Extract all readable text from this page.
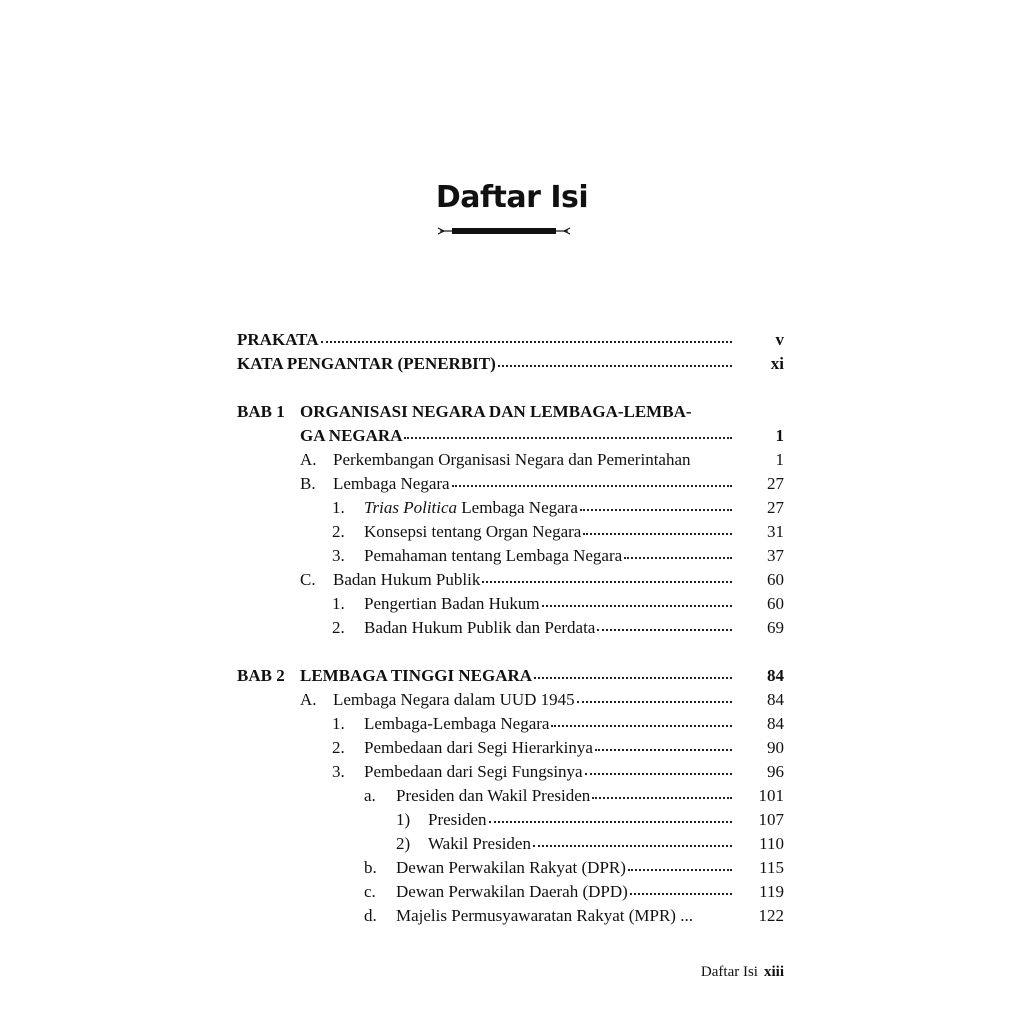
Daftar Isi
PRAKATA	v
KATA PENGANTAR (PENERBIT)	xi
BAB 1 ORGANISASI NEGARA DAN LEMBAGA-LEMBA-
GA NEGARA	1
A. Perkembangan Organisasi Negara dan Pemerintahan	1
B.	Lembaga Negara	27
1.	Trias Politica Lembaga Negara	27
2.	Konsepsi tentang Organ Negara	31
3.	Pemahaman tentang Lembaga Negara	37
C.	Badan Hukum Publik	60
1.	Pengertian Badan Hukum	60
2.	Badan Hukum Publik dan Perdata	69
BAB 2 LEMBAGA TINGGI NEGARA	84
A. Lembaga Negara dalam UUD 1945	84
1.	Lembaga-Lembaga Negara	84
2.	Pembedaan dari Segi Hierarkinya	90
3.	Pembedaan dari Segi Fungsinya	96
a.	Presiden dan Wakil Presiden	101
1)	Presiden	107
2)	Wakil Presiden	110
b.	Dewan Perwakilan Rakyat (DPR)	115
c.	Dewan Perwakilan Daerah (DPD)	119
d.	Majelis Permusyawaratan Rakyat (MPR) ...	122
Daftar Isi xiii
